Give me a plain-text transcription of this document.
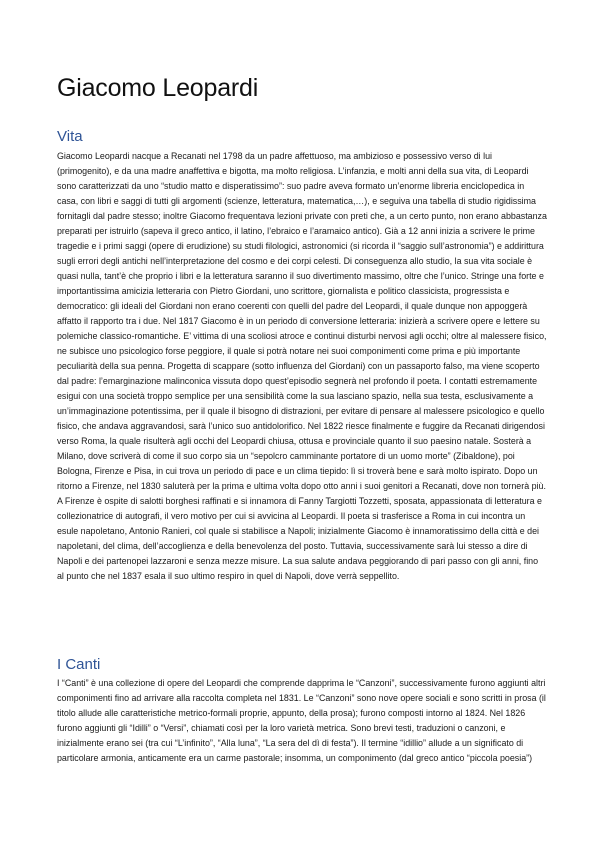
Giacomo Leopardi
Vita

Giacomo Leopardi nacque a Recanati nel 1798 da un padre affettuoso, ma ambizioso e possessivo verso di lui (primogenito), e da una madre anaffettiva e bigotta, ma molto religiosa. L’infanzia, e molti anni della sua vita, di Leopardi sono caratterizzati da uno “studio matto e disperatissimo”: suo padre aveva formato un’enorme libreria enciclopedica in casa, con libri e saggi di tutti gli argomenti (scienze, letteratura, matematica,…), e seguiva una tabella di studio rigidissima fornitagli dal padre stesso; inoltre Giacomo frequentava lezioni private con preti che, a un certo punto, non erano abbastanza preparati per istruirlo (sapeva il greco antico, il latino, l’ebraico e l’aramaico antico). Già a 12 anni inizia a scrivere le prime tragedie e i primi saggi (opere di erudizione) su studi filologici, astronomici (si ricorda il “saggio sull’astronomia”) e addirittura sugli errori degli antichi nell’interpretazione del cosmo e dei corpi celesti. Di conseguenza allo studio, la sua vita sociale è quasi nulla, tant’è che proprio i libri e la letteratura saranno il suo divertimento massimo, oltre che l’unico. Stringe una forte e importantissima amicizia letteraria con Pietro Giordani, uno scrittore, giornalista e politico classicista, progressista e democratico: gli ideali del Giordani non erano coerenti con quelli del padre del Leopardi, il quale dunque non appoggerà affatto il rapporto tra i due. Nel 1817 Giacomo è in un periodo di conversione letteraria: inizierà a scrivere opere e lettere su polemiche classico-romantiche. E’ vittima di una scoliosi atroce e continui disturbi nervosi agli occhi; oltre al malessere fisico, ne subisce uno psicologico forse peggiore, il quale si potrà notare nei suoi componimenti come prima e più importante peculiarità della sua penna. Progetta di scappare (sotto influenza del Giordani) con un passaporto falso, ma viene scoperto dal padre: l’emarginazione malinconica vissuta dopo quest’episodio segnerà nel profondo il poeta. I contatti estremamente esigui con una società troppo semplice per una sensibilità come la sua lasciano spazio, nella sua testa, esclusivamente a un’immaginazione potentissima, per il quale il bisogno di distrazioni, per evitare di pensare al malessere psicologico e quello fisico, che andava aggravandosi, sarà l’unico suo antidolorifico. Nel 1822 riesce finalmente e fuggire da Recanati dirigendosi verso Roma, la quale risulterà agli occhi del Leopardi chiusa, ottusa e provinciale quanto il suo paesino natale. Sosterà a Milano, dove scriverà di come il suo corpo sia un “sepolcro camminante portatore di un uomo morte” (Zibaldone), poi Bologna, Firenze e Pisa, in cui trova un periodo di pace e un clima tiepido: lì si troverà bene e sarà molto ispirato. Dopo un ritorno a Firenze, nel 1830 saluterà per la prima e ultima volta dopo otto anni i suoi genitori a Recanati, dove non tornerà più. A Firenze è ospite di salotti borghesi raffinati e si innamora di Fanny Targiotti Tozzetti, sposata, appassionata di letteratura e collezionatrice di autografi, il vero motivo per cui si avvicina al Leopardi. Il poeta si trasferisce a Roma in cui incontra un esule napoletano, Antonio Ranieri, col quale si stabilisce a Napoli; inizialmente Giacomo è innamoratissimo della città e dei napoletani, del clima, dell’accoglienza e della benevolenza del posto. Tuttavia, successivamente sarà lui stesso a dire di Napoli e dei partenopei lazzaroni e senza mezze misure. La sua salute andava peggiorando di pari passo con gli anni, fino al punto che nel 1837 esala il suo ultimo respiro in quel di Napoli, dove verrà seppellito.

I Canti

I “Canti” è una collezione di opere del Leopardi che comprende dapprima le “Canzoni”, successivamente furono aggiunti altri componimenti fino ad arrivare alla raccolta completa nel 1831. Le “Canzoni” sono nove opere sociali e sono scritti in prosa (il titolo allude alle caratteristiche metrico-formali proprie, appunto, della prosa); furono composti intorno al 1824. Nel 1826 furono aggiunti gli “Idilli” o “Versi”, chiamati così per la loro varietà metrica. Sono brevi testi, traduzioni o canzoni, e inizialmente erano sei (tra cui “L’infinito”, “Alla luna”, “La sera del dì di festa”). Il termine “idillio” allude a un significato di particolare armonia, anticamente era un carme pastorale; insomma, un componimento (dal greco antico “piccola poesia”)
